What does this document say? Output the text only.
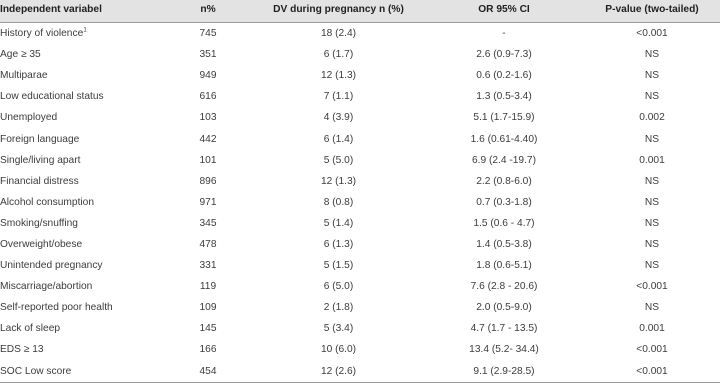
Independent variabel	n%	DV during pregnancy n (%)	OR 95% CI	P-value (two-tailed)
History of violence$^1$	745	18 (2.4)	-	<0.001
Age ≥ 35	351	6 (1.7)	2.6 (0.9-7.3)	NS
Multiparae	949	12 (1.3)	0.6 (0.2-1.6)	NS
Low educational status	616	7 (1.1)	1.3 (0.5-3.4)	NS
Unemployed	103	4 (3.9)	5.1 (1.7-15.9)	0.002
Foreign language	442	6 (1.4)	1.6 (0.61-4.40)	NS
Single/living apart	101	5 (5.0)	6.9 (2.4 -19.7)	0.001
Financial distress	896	12 (1.3)	2.2 (0.8-6.0)	NS
Alcohol consumption	971	8 (0.8)	0.7 (0.3-1.8)	NS
Smoking/snuffing	345	5 (1.4)	1.5 (0.6 - 4.7)	NS
Overweight/obese	478	6 (1.3)	1.4 (0.5-3.8)	NS
Unintended pregnancy	331	5 (1.5)	1.8 (0.6-5.1)	NS
Miscarriage/abortion	119	6 (5.0)	7.6 (2.8 - 20.6)	<0.001
Self-reported poor health	109	2 (1.8)	2.0 (0.5-9.0)	NS
Lack of sleep	145	5 (3.4)	4.7 (1.7 - 13.5)	0.001
EDS ≥ 13	166	10 (6.0)	13.4 (5.2- 34.4)	<0.001
SOC Low score	454	12 (2.6)	9.1 (2.9-28.5)	<0.001
